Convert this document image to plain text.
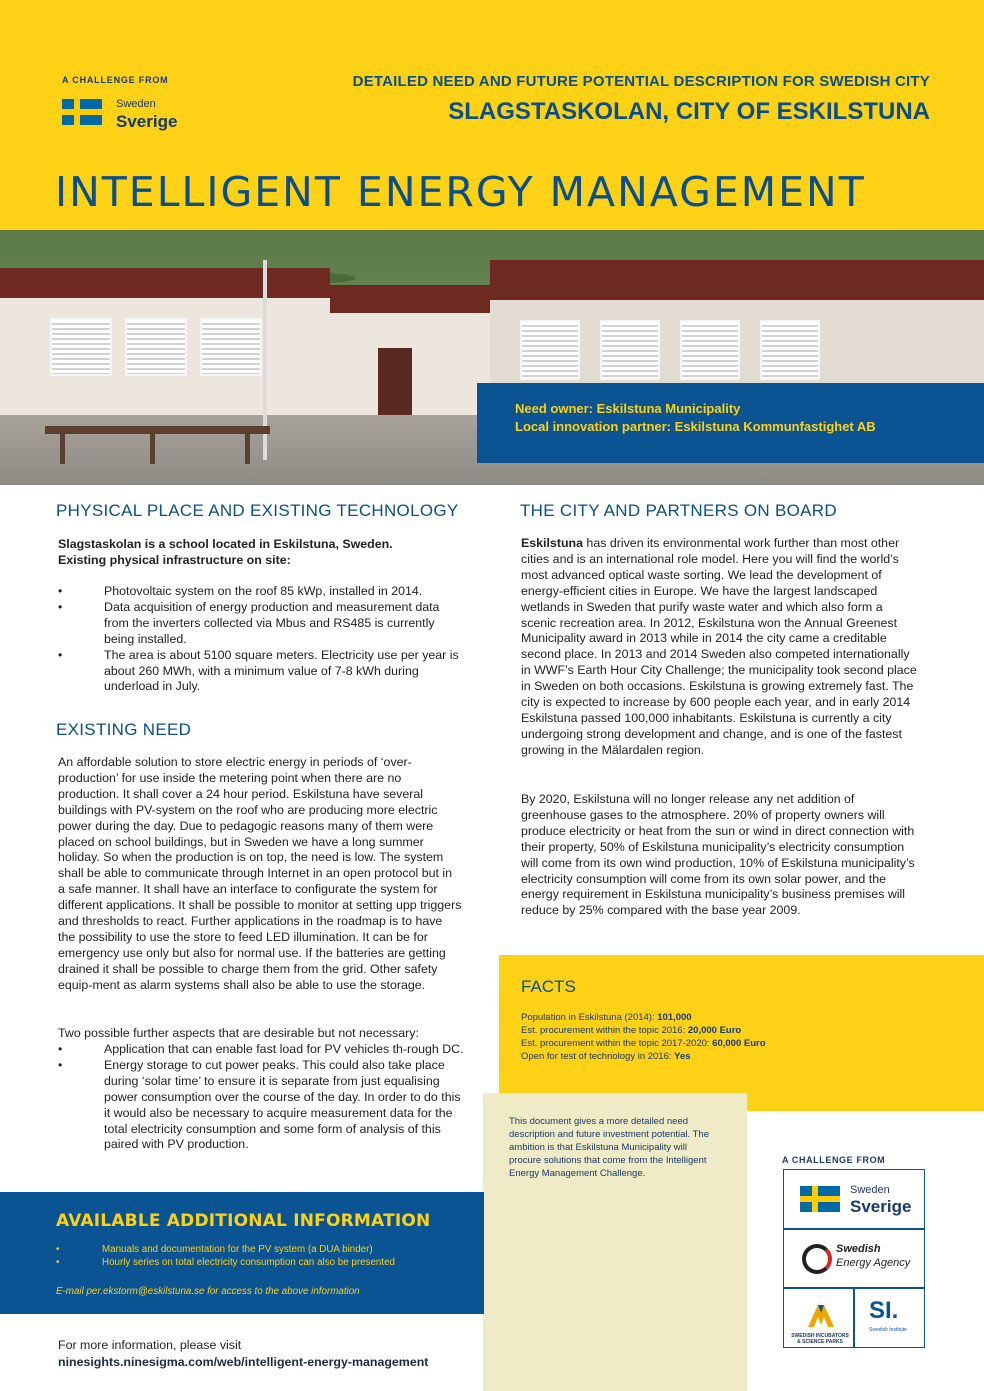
A CHALLENGE FROM
Sweden
Sverige
DETAILED NEED AND FUTURE POTENTIAL DESCRIPTION FOR SWEDISH CITY
SLAGSTASKOLAN, CITY OF ESKILSTUNA
INTELLIGENT ENERGY MANAGEMENT
Need owner: Eskilstuna Municipality
Local innovation partner: Eskilstuna Kommunfastighet AB
PHYSICAL PLACE AND EXISTING TECHNOLOGY
Slagstaskolan is a school located in Eskilstuna, Sweden.
Existing physical infrastructure on site:
• Photovoltaic system on the roof 85 kWp, installed in 2014.
• Data acquisition of energy production and measurement data from the inverters collected via Mbus and RS485 is currently being installed.
• The area is about 5100 square meters. Electricity use per year is about 260 MWh, with a minimum value of 7-8 kWh during underload in July.
EXISTING NEED
An affordable solution to store electric energy in periods of ‘over-production’ for use inside the metering point when there are no production. It shall cover a 24 hour period. Eskilstuna have several buildings with PV-system on the roof who are producing more electric power during the day. Due to pedagogic reasons many of them were placed on school buildings, but in Sweden we have a long summer holiday. So when the production is on top, the need is low. The system shall be able to communicate through Internet in an open protocol but in a safe manner. It shall have an interface to configurate the system for different applications. It shall be possible to monitor at setting upp triggers and thresholds to react. Further applications in the roadmap is to have the possibility to use the store to feed LED illumination. It can be for emergency use only but also for normal use. If the batteries are getting drained it shall be possible to charge them from the grid. Other safety equip-ment as alarm systems shall also be able to use the storage.
Two possible further aspects that are desirable but not necessary:
• Application that can enable fast load for PV vehicles th-rough DC.
• Energy storage to cut power peaks. This could also take place during ‘solar time’ to ensure it is separate from just equalising power consumption over the course of the day. In order to do this it would also be necessary to acquire measurement data for the total electricity consumption and some form of analysis of this paired with PV production.
THE CITY AND PARTNERS ON BOARD
Eskilstuna has driven its environmental work further than most other cities and is an international role model. Here you will find the world’s most advanced optical waste sorting. We lead the development of energy-efficient cities in Europe. We have the largest landscaped wetlands in Sweden that purify waste water and which also form a scenic recreation area. In 2012, Eskilstuna won the Annual Greenest Municipality award in 2013 while in 2014 the city came a creditable second place. In 2013 and 2014 Sweden also competed internationally in WWF’s Earth Hour City Challenge; the municipality took second place in Sweden on both occasions. Eskilstuna is growing extremely fast. The city is expected to increase by 600 people each year, and in early 2014 Eskilstuna passed 100,000 inhabitants. Eskilstuna is currently a city undergoing strong development and change, and is one of the fastest growing in the Mälardalen region.
By 2020, Eskilstuna will no longer release any net addition of greenhouse gases to the atmosphere. 20% of property owners will produce electricity or heat from the sun or wind in direct connection with their property, 50% of Eskilstuna municipality’s electricity consumption will come from its own wind production, 10% of Eskilstuna municipality’s electricity consumption will come from its own solar power, and the energy requirement in Eskilstuna municipality’s business premises will reduce by 25% compared with the base year 2009.
FACTS
Population in Eskilstuna (2014): 101,000
Est. procurement within the topic 2016: 20,000 Euro
Est. procurement within the topic 2017-2020: 60,000 Euro
Open for test of technology in 2016: Yes
This document gives a more detailed need description and future investment potential. The ambition is that Eskilstuna Municipality will procure solutions that come from the Intelligent Energy Management Challenge.
AVAILABLE ADDITIONAL INFORMATION
•	Manuals and documentation for the PV system (a DUA binder)
•	Hourly series on total electricity consumption can also be presented
E-mail per.ekstorm@eskilstuna.se for access to the above information
For more information, please visit
ninesights.ninesigma.com/web/intelligent-energy-management
A CHALLENGE FROM
Sweden
Sverige
Swedish
Energy Agency
SWEDISH INCUBATORS & SCIENCE PARKS
SI.
Swedish Institute
